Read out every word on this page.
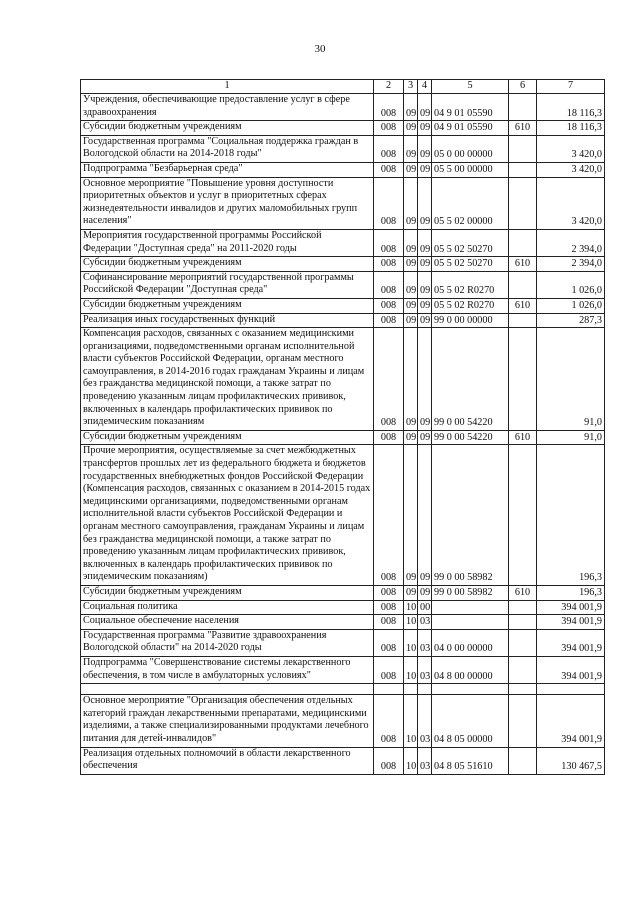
30
1	2	3	4	5	6	7
Учреждения, обеспечивающие предоставление услуг в сфере здравоохранения	008	09	09	04 9 01 05590		18 116,3
Субсидии бюджетным учреждениям	008	09	09	04 9 01 05590	610	18 116,3
Государственная программа "Социальная поддержка граждан в Вологодской области на 2014-2018 годы"	008	09	09	05 0 00 00000		3 420,0
Подпрограмма "Безбарьерная среда"	008	09	09	05 5 00 00000		3 420,0
Основное мероприятие "Повышение уровня доступности приоритетных объектов и услуг в приоритетных сферах жизнедеятельности инвалидов и других маломобильных групп населения"	008	09	09	05 5 02 00000		3 420,0
Мероприятия государственной программы Российской Федерации "Доступная среда" на 2011-2020 годы	008	09	09	05 5 02 50270		2 394,0
Субсидии бюджетным учреждениям	008	09	09	05 5 02 50270	610	2 394,0
Софинансирование мероприятий государственной программы Российской Федерации "Доступная среда"	008	09	09	05 5 02 R0270		1 026,0
Субсидии бюджетным учреждениям	008	09	09	05 5 02 R0270	610	1 026,0
Реализация иных государственных функций	008	09	09	99 0 00 00000		287,3
Компенсация расходов, связанных с оказанием медицинскими организациями, подведомственными органам исполнительной власти субъектов Российской Федерации, органам местного самоуправления, в 2014-2016 годах гражданам Украины и лицам без гражданства медицинской помощи, а также затрат по проведению указанным лицам профилактических прививок, включенных в календарь профилактических прививок по эпидемическим показаниям	008	09	09	99 0 00 54220		91,0
Субсидии бюджетным учреждениям	008	09	09	99 0 00 54220	610	91,0
Прочие мероприятия, осуществляемые за счет межбюджетных трансфертов прошлых лет из федерального бюджета и бюджетов государственных внебюджетных фондов Российской Федерации (Компенсация расходов, связанных с оказанием в 2014-2015 годах медицинскими организациями, подведомственными органам исполнительной власти субъектов Российской Федерации и органам местного самоуправления, гражданам Украины и лицам без гражданства медицинской помощи, а также затрат по проведению указанным лицам профилактических прививок, включенных в календарь профилактических прививок по эпидемическим показаниям)	008	09	09	99 0 00 58982		196,3
Субсидии бюджетным учреждениям	008	09	09	99 0 00 58982	610	196,3
Социальная политика	008	10	00			394 001,9
Социальное обеспечение населения	008	10	03			394 001,9
Государственная программа "Развитие здравоохранения Вологодской области" на 2014-2020 годы	008	10	03	04 0 00 00000		394 001,9
Подпрограмма "Совершенствование системы лекарственного обеспечения, в том числе в амбулаторных условиях"	008	10	03	04 8 00 00000		394 001,9

Основное мероприятие "Организация обеспечения отдельных категорий граждан лекарственными препаратами, медицинскими изделиями, а также специализированными продуктами лечебного питания для детей-инвалидов"	008	10	03	04 8 05 00000		394 001,9
Реализация отдельных полномочий в области лекарственного обеспечения	008	10	03	04 8 05 51610		130 467,5
